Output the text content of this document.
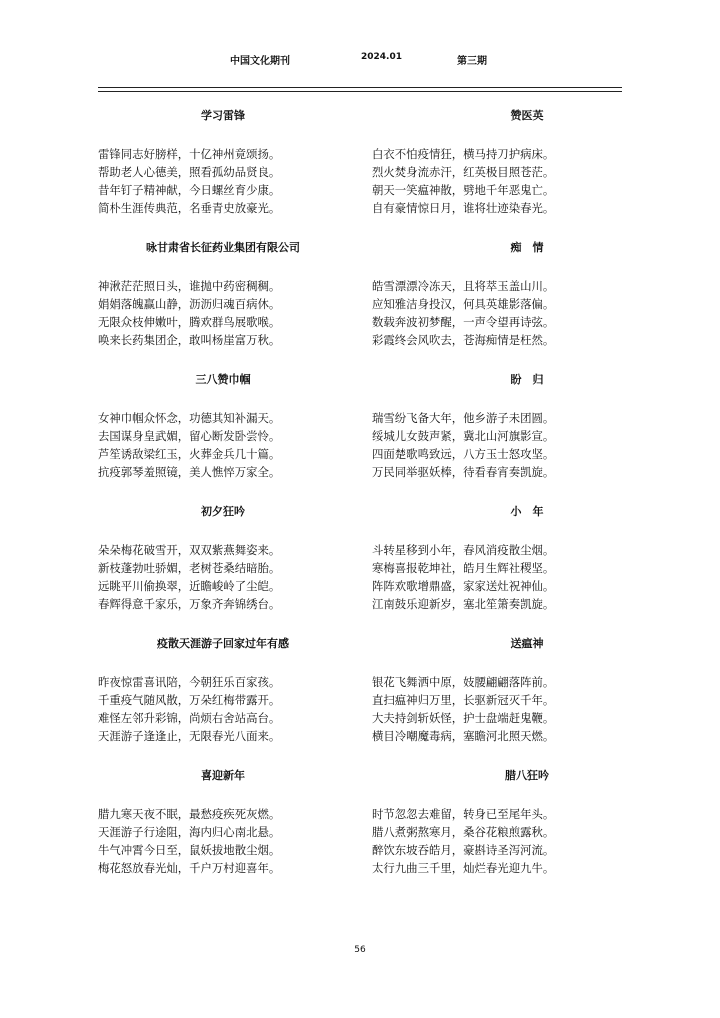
中国文化期刊	2024.01	第三期
学习雷锋
雷锋同志好膀样，十亿神州竟颂扬。
帮助老人心德美，照看孤幼品贤良。
昔年钉子精神献，今日螺丝育少康。
简朴生涯传典范，名垂青史放豪光。
咏甘肃省长征药业集团有限公司
神湫茫茫照日头，谁抛中药密稠稠。
娟娟落魄赢山静，沥沥归魂百病休。
无限众枝伸嫩叶，腾欢群鸟展歌喉。
唤来长药集团企，敢叫杨崖富万秋。
三八赞巾帼
女神巾帼众怀念，功德其知补漏天。
去国谋身皇武媚，留心断发卧尝怜。
芦笙诱敌梁红玉，火葬金兵几十篇。
抗疫郭琴羞照镜，美人憔悴万家全。
初夕狂吟
朵朵梅花破雪开，双双紫燕舞姿来。
新枝蓬勃吐骄媚，老树苍桑结暗胎。
远眺平川偷换翠，近瞻峻岭了尘皑。
春辉得意千家乐，万象齐奔锦绣台。
疫散天涯游子回家过年有感
昨夜惊雷喜讯陪，今朝狂乐百家孩。
千重疫气随风散，万朵红梅带露开。
难怪左邻升彩锦，尚烦右舍站高台。
天涯游子逢逢止，无限春光八面来。
喜迎新年
腊九寒天夜不眠，最愁疫疾死灰燃。
天涯游子行途阻，海内归心南北悬。
牛气冲霄今日至，鼠妖拔地散尘烟。
梅花怒放春光灿，千户万村迎喜年。
赞医英
白衣不怕疫情狂，横马持刀护病床。
烈火焚身流赤汗，红英极目照苍茫。
朝天一笑瘟神散，劈地千年恶鬼亡。
自有豪情惊日月，谁将壮迹染春光。
痴　情
皓雪漂漂冷冻天，且将萃玉盖山川。
应知雅洁身投汉，何具英雄影落偏。
数载奔波初梦醒，一声令望再诗弦。
彩霞终会风吹去，苍海痴情是枉然。
盼　归
瑞雪纷飞备大年，他乡游子未团圆。
绥城儿女鼓声紧，冀北山河旗影宣。
四面楚歌鸣致远，八方玉士怒攻坚。
万民同举驱妖棒，待看春宵奏凯旋。
小　年
斗转星移到小年，春风消疫散尘烟。
寒梅喜报乾坤社，皓月生辉社稷坚。
阵阵欢歌增鼎盛，家家送灶祝神仙。
江南鼓乐迎新岁，塞北笙箫奏凯旋。
送瘟神
银花飞舞洒中原，妓腰翩翩落阵前。
直扫瘟神归万里，长驱新冠灭千年。
大夫持剑斩妖怪，护士盘端赶鬼鞭。
横目冷嘲魔毒病，塞瞻河北照天燃。
腊八狂吟
时节忽忽去难留，转身已至尾年头。
腊八煮粥熬寒月，桑谷花粮煎露秋。
醉饮东坡吞皓月，豪斟诗圣泻河流。
太行九曲三千里，灿烂春光迎九牛。
56
